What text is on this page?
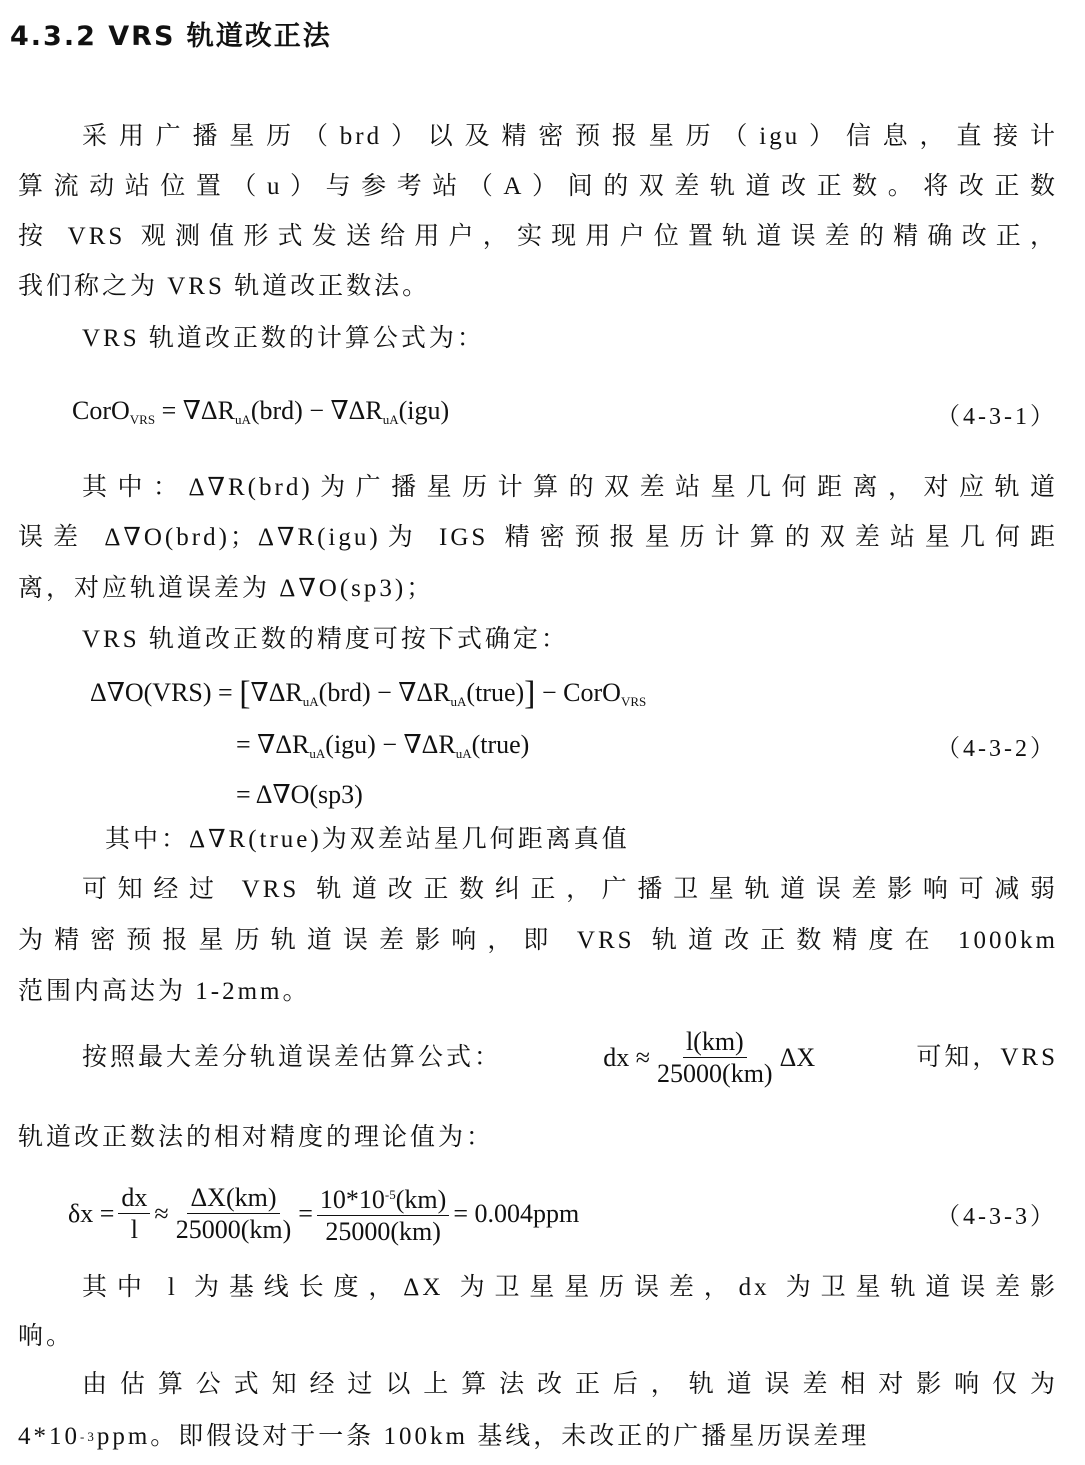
4.3.2 VRS 轨道改正法
采用广播星历（brd）以及精密预报星历（igu）信息，直接计
算流动站位置（u）与参考站（A）间的双差轨道改正数。将改正数
按 VRS 观测值形式发送给用户，实现用户位置轨道误差的精确改正，
我们称之为 VRS 轨道改正数法。
VRS 轨道改正数的计算公式为：
CorO$_{VRS}$ = $\nabla\Delta R_{uA}(brd) - \nabla\Delta R_{uA}(igu)$	（4-3-1）
其中：Δ∇R(brd)为广播星历计算的双差站星几何距离，对应轨道
误差 Δ∇O(brd)；Δ∇R(igu)为 IGS 精密预报星历计算的双差站星几何距
离，对应轨道误差为 Δ∇O(sp3)；
VRS 轨道改正数的精度可按下式确定：
$\Delta\nabla O(VRS) = [\nabla\Delta R_{uA}(brd)$ − $\nabla\Delta R_{uA}(true)$] − CorO$_{VRS}$
= $\nabla\Delta R_{uA}(igu)$ − $\nabla\Delta R_{uA}(true)$	（4-3-2）
= Δ∇O(sp3)
其中：Δ∇R(true)为双差站星几何距离真值
可知经过 VRS 轨道改正数纠正，广播卫星轨道误差影响可减弱
为精密预报星历轨道误差影响，即 VRS 轨道改正数精度在 1000km
范围内高达为 1-2mm。
按照最大差分轨道误差估算公式：	dx ≈ $\frac{l(km)}{25000(km)}$ ΔX	可知，VRS
轨道改正数法的相对精度的理论值为：
$\delta x = \frac{dx}{l} \approx \frac{\Delta X(km)}{25000(km)} = \frac{10*10^{-5}(km)}{25000(km)} = 0.004ppm$	（4-3-3）
其中 l 为基线长度，ΔX 为卫星星历误差，dx 为卫星轨道误差影
响。
由估算公式知经过以上算法改正后，轨道误差相对影响仅为
4*10 -3 ppm。即假设对于一条 100km 基线，未改正的广播星历误差理
